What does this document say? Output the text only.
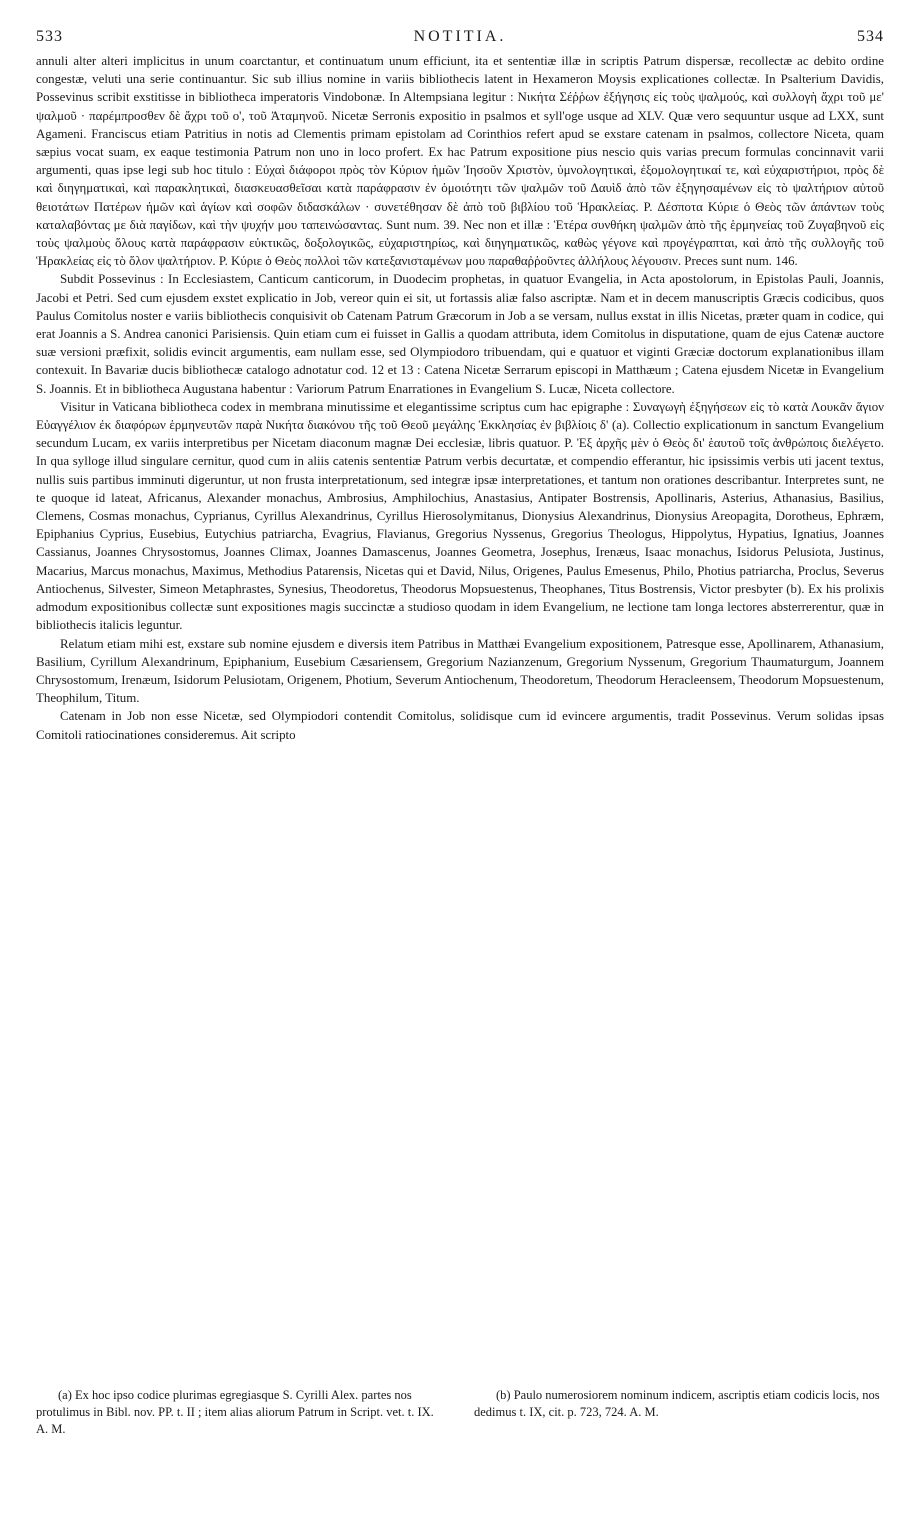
533	NOTITIA.	534

annuli alter alteri implicitus in unum coarctantur, et continuatum unum efficiunt, ita et sententiæ illæ in scriptis Patrum dispersæ, recollectæ ac debito ordine congestæ, veluti una serie continuantur. Sic sub illius nomine in variis bibliothecis latent in Hexameron Moysis explicationes collectæ. In Psalterium Davidis, Possevinus scribit exstitisse in bibliotheca imperatoris Vindobonæ. In Altempsiana legitur : Νικήτα Σέῤῥων ἐξήγησις εἰς τοὺς ψαλμούς, καὶ συλλογὴ ἄχρι τοῦ με' ψαλμοῦ · παρέμπροσθεν δὲ ἄχρι τοῦ ο', τοῦ Ἀταμηνοῦ. Nicetæ Serronis expositio in psalmos et syll'oge usque ad XLV. Quæ vero sequuntur usque ad LXX, sunt Agameni. Franciscus etiam Patritius in notis ad Clementis primam epistolam ad Corinthios refert apud se exstare catenam in psalmos, collectore Niceta, quam sæpius vocat suam, ex eaque testimonia Patrum non uno in loco profert. Ex hac Patrum expositione pius nescio quis varias precum formulas concinnavit varii argumenti, quas ipse legi sub hoc titulo : Εὐχαὶ διάφοροι πρὸς τὸν Κύριον ἡμῶν Ἰησοῦν Χριστὸν, ὑμνολογητικαὶ, ἐξομολογητικαί τε, καὶ εὐχαριστήριοι, πρὸς δὲ καὶ διηγηματικαὶ, καὶ παρακλητικαὶ, διασκευασθεῖσαι κατὰ παράφρασιν ἐν ὁμοιότητι τῶν ψαλμῶν τοῦ Δαυὶδ ἀπὸ τῶν ἐξηγησαμένων εἰς τὸ ψαλτήριον αὐτοῦ θειοτάτων Πατέρων ἡμῶν καὶ ἁγίων καὶ σοφῶν διδασκάλων · συνετέθησαν δὲ ἀπὸ τοῦ βιβλίου τοῦ Ἡρακλείας. P. Δέσποτα Κύριε ὁ Θεὸς τῶν ἁπάντων τοὺς καταλαβόντας με διὰ παγίδων, καὶ τὴν ψυχήν μου ταπεινώσαντας. Sunt num. 39. Nec non et illæ : Ἑτέρα συνθήκη ψαλμῶν ἀπὸ τῆς ἑρμηνείας τοῦ Ζυγαβηνοῦ εἰς τοὺς ψαλμοὺς ὅλους κατὰ παράφρασιν εὐκτικῶς, δοξολογικῶς, εὐχαριστηρίως, καὶ διηγηματικῶς, καθὼς γέγονε καὶ προγέγραπται, καὶ ἀπὸ τῆς συλλογῆς τοῦ Ἡρακλείας εἰς τὸ ὅλον ψαλτήριον. P. Κύριε ὁ Θεὸς πολλοὶ τῶν κατεξανισταμένων μου παραθαῤῥοῦντες ἀλλήλους λέγουσιν. Preces sunt num. 146.

Subdit Possevinus : In Ecclesiastem, Canticum canticorum, in Duodecim prophetas, in quatuor Evangelia, in Acta apostolorum, in Epistolas Pauli, Joannis, Jacobi et Petri. Sed cum ejusdem exstet explicatio in Job, vereor quin ei sit, ut fortassis aliæ falso ascriptæ. Nam et in decem manuscriptis Græcis codicibus, quos Paulus Comitolus noster e variis bibliothecis conquisivit ob Catenam Patrum Græcorum in Job a se versam, nullus exstat in illis Nicetas, præter quam in codice, qui erat Joannis a S. Andrea canonici Parisiensis. Quin etiam cum ei fuisset in Gallis a quodam attributa, idem Comitolus in disputatione, quam de ejus Catenæ auctore suæ versioni præfixit, solidis evincit argumentis, eam nullam esse, sed Olympiodoro tribuendam, qui e quatuor et viginti Græciæ doctorum explanationibus illam contexuit. In Bavariæ ducis bibliothecæ catalogo adnotatur cod. 12 et 13 : Catena Nicetæ Serrarum episcopi in Matthæum ; Catena ejusdem Nicetæ in Evangelium S. Joannis. Et in bibliotheca Augustana habentur : Variorum Patrum Enarrationes in Evangelium S. Lucæ, Niceta collectore.

Visitur in Vaticana bibliotheca codex in membrana minutissime et elegantissime scriptus cum hac epigraphe : Συναγωγὴ ἐξηγήσεων εἰς τὸ κατὰ Λουκᾶν ἅγιον Εὐαγγέλιον ἐκ διαφόρων ἑρμηνευτῶν παρὰ Νικήτα διακόνου τῆς τοῦ Θεοῦ μεγάλης Ἐκκλησίας ἐν βιβλίοις δ' (a). Collectio explicationum in sanctum Evangelium secundum Lucam, ex variis interpretibus per Nicetam diaconum magnæ Dei ecclesiæ, libris quatuor. P. Ἐξ ἀρχῆς μὲν ὁ Θεὸς δι' ἑαυτοῦ τοῖς ἀνθρώποις διελέγετο. In qua sylloge illud singulare cernitur, quod cum in aliis catenis sententiæ Patrum verbis decurtatæ, et compendio efferantur, hic ipsissimis verbis uti jacent textus, nullis suis partibus imminuti digeruntur, ut non frusta interpretationum, sed integræ ipsæ interpretationes, et tantum non orationes describantur. Interpretes sunt, ne te quoque id lateat, Africanus, Alexander monachus, Ambrosius, Amphilochius, Anastasius, Antipater Bostrensis, Apollinaris, Asterius, Athanasius, Basilius, Clemens, Cosmas monachus, Cyprianus, Cyrillus Alexandrinus, Cyrillus Hierosolymitanus, Dionysius Alexandrinus, Dionysius Areopagita, Dorotheus, Ephræm, Epiphanius Cyprius, Eusebius, Eutychius patriarcha, Evagrius, Flavianus, Gregorius Nyssenus, Gregorius Theologus, Hippolytus, Hypatius, Ignatius, Joannes Cassianus, Joannes Chrysostomus, Joannes Climax, Joannes Damascenus, Joannes Geometra, Josephus, Irenæus, Isaac monachus, Isidorus Pelusiota, Justinus, Macarius, Marcus monachus, Maximus, Methodius Patarensis, Nicetas qui et David, Nilus, Origenes, Paulus Emesenus, Philo, Photius patriarcha, Proclus, Severus Antiochenus, Silvester, Simeon Metaphrastes, Synesius, Theodoretus, Theodorus Mopsuestenus, Theophanes, Titus Bostrensis, Victor presbyter (b). Ex his prolixis admodum expositionibus collectæ sunt expositiones magis succinctæ a studioso quodam in idem Evangelium, ne lectione tam longa lectores absterrerentur, quæ in bibliothecis italicis leguntur.

Relatum etiam mihi est, exstare sub nomine ejusdem e diversis item Patribus in Matthæi Evangelium expositionem, Patresque esse, Apollinarem, Athanasium, Basilium, Cyrillum Alexandrinum, Epiphanium, Eusebium Cæsariensem, Gregorium Nazianzenum, Gregorium Nyssenum, Gregorium Thaumaturgum, Joannem Chrysostomum, Irenæum, Isidorum Pelusiotam, Origenem, Photium, Severum Antiochenum, Theodoretum, Theodorum Heracleensem, Theodorum Mopsuestenum, Theophilum, Titum.

Catenam in Job non esse Nicetæ, sed Olympiodori contendit Comitolus, solidisque cum id evincere argumentis, tradit Possevinus. Verum solidas ipsas Comitoli ratiocinationes consideremus. Ait scripto

(a) Ex hoc ipso codice plurimas egregiasque S. Cyrilli Alex. partes nos protulimus in Bibl. nov. PP. t. II ; item alias aliorum Patrum in Script. vet. t. IX. A. M.
(b) Paulo numerosiorem nominum indicem, ascriptis etiam codicis locis, nos dedimus t. IX, cit. p. 723, 724. A. M.
